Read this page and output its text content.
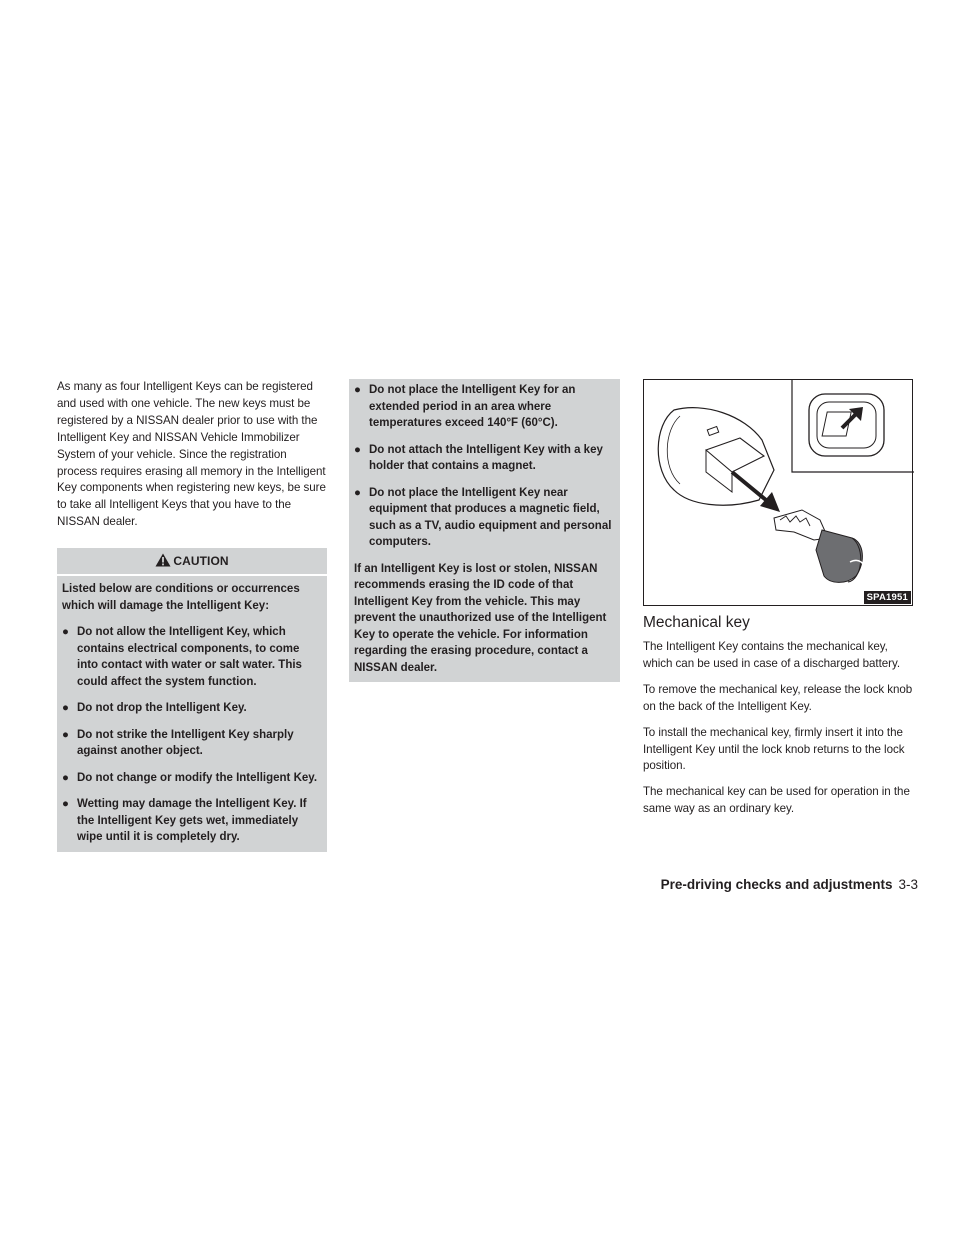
As many as four Intelligent Keys can be registered and used with one vehicle. The new keys must be registered by a NISSAN dealer prior to use with the Intelligent Key and NISSAN Vehicle Immobilizer System of your vehicle. Since the registration process requires erasing all memory in the Intelligent Key components when registering new keys, be sure to take all Intelligent Keys that you have to the NISSAN dealer.

CAUTION

Listed below are conditions or occurrences which will damage the Intelligent Key:

● Do not allow the Intelligent Key, which contains electrical components, to come into contact with water or salt water. This could affect the system function.
● Do not drop the Intelligent Key.
● Do not strike the Intelligent Key sharply against another object.
● Do not change or modify the Intelligent Key.
● Wetting may damage the Intelligent Key. If the Intelligent Key gets wet, immediately wipe until it is completely dry.
● Do not place the Intelligent Key for an extended period in an area where temperatures exceed 140°F (60°C).
● Do not attach the Intelligent Key with a key holder that contains a magnet.
● Do not place the Intelligent Key near equipment that produces a magnetic field, such as a TV, audio equipment and personal computers.

If an Intelligent Key is lost or stolen, NISSAN recommends erasing the ID code of that Intelligent Key from the vehicle. This may prevent the unauthorized use of the Intelligent Key to operate the vehicle. For information regarding the erasing procedure, contact a NISSAN dealer.

SPA1951
Mechanical key

The Intelligent Key contains the mechanical key, which can be used in case of a discharged battery.

To remove the mechanical key, release the lock knob on the back of the Intelligent Key.

To install the mechanical key, firmly insert it into the Intelligent Key until the lock knob returns to the lock position.

The mechanical key can be used for operation in the same way as an ordinary key.

Pre-driving checks and adjustments 3-3
